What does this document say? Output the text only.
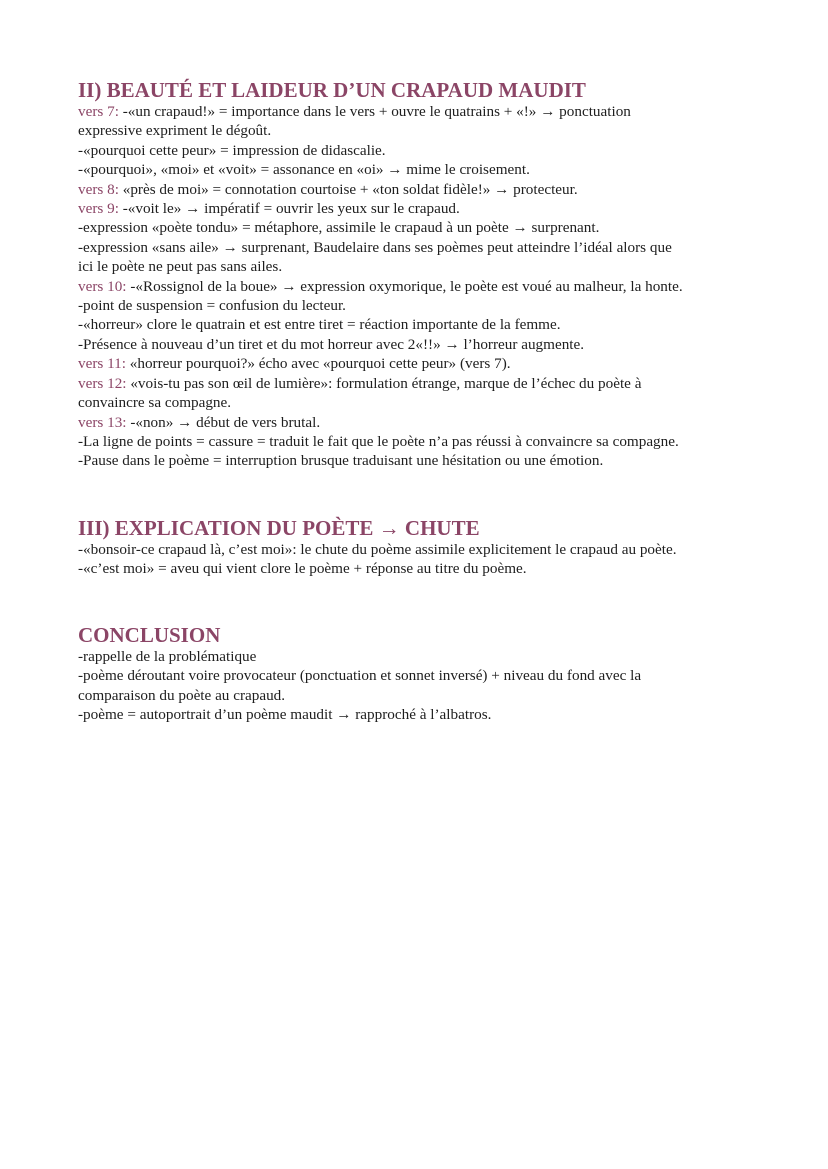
II) BEAUTÉ ET LAIDEUR D’UN CRAPAUD MAUDIT

vers 7: -«un crapaud!» = importance dans le vers + ouvre le quatrains + «!» → ponctuation

expressive expriment le dégoût.

-«pourquoi cette peur» = impression de didascalie.

-«pourquoi», «moi» et «voit» = assonance en «oi» → mime le croisement.

vers 8: «près de moi» = connotation courtoise + «ton soldat fidèle!» → protecteur.

vers 9: -«voit le» → impératif = ouvrir les yeux sur le crapaud.

-expression «poète tondu» = métaphore, assimile le crapaud à un poète → surprenant.

-expression «sans aile» → surprenant, Baudelaire dans ses poèmes peut atteindre l’idéal alors que

ici le poète ne peut pas sans ailes.

vers 10: -«Rossignol de la boue» → expression oxymorique, le poète est voué au malheur, la honte.

-point de suspension = confusion du lecteur.

-«horreur» clore le quatrain et est entre tiret = réaction importante de la femme.

-Présence à nouveau d’un tiret et du mot horreur avec 2«!!» → l’horreur augmente.

vers 11: «horreur pourquoi?» écho avec «pourquoi cette peur» (vers 7).

vers 12: «vois-tu pas son œil de lumière»: formulation étrange, marque de l’échec du poète à

convaincre sa compagne.

vers 13: -«non» → début de vers brutal.

-La ligne de points = cassure = traduit le fait que le poète n’a pas réussi à convaincre sa compagne.

-Pause dans le poème = interruption brusque traduisant une hésitation ou une émotion.

III) EXPLICATION DU POÈTE → CHUTE

-«bonsoir-ce crapaud là, c’est moi»: le chute du poème assimile explicitement le crapaud au poète.

-«c’est moi» = aveu qui vient clore le poème + réponse au titre du poème.

CONCLUSION

-rappelle de la problématique

-poème déroutant voire provocateur (ponctuation et sonnet inversé) + niveau du fond avec la

comparaison du poète au crapaud.

-poème = autoportrait d’un poème maudit → rapproché à l’albatros.
